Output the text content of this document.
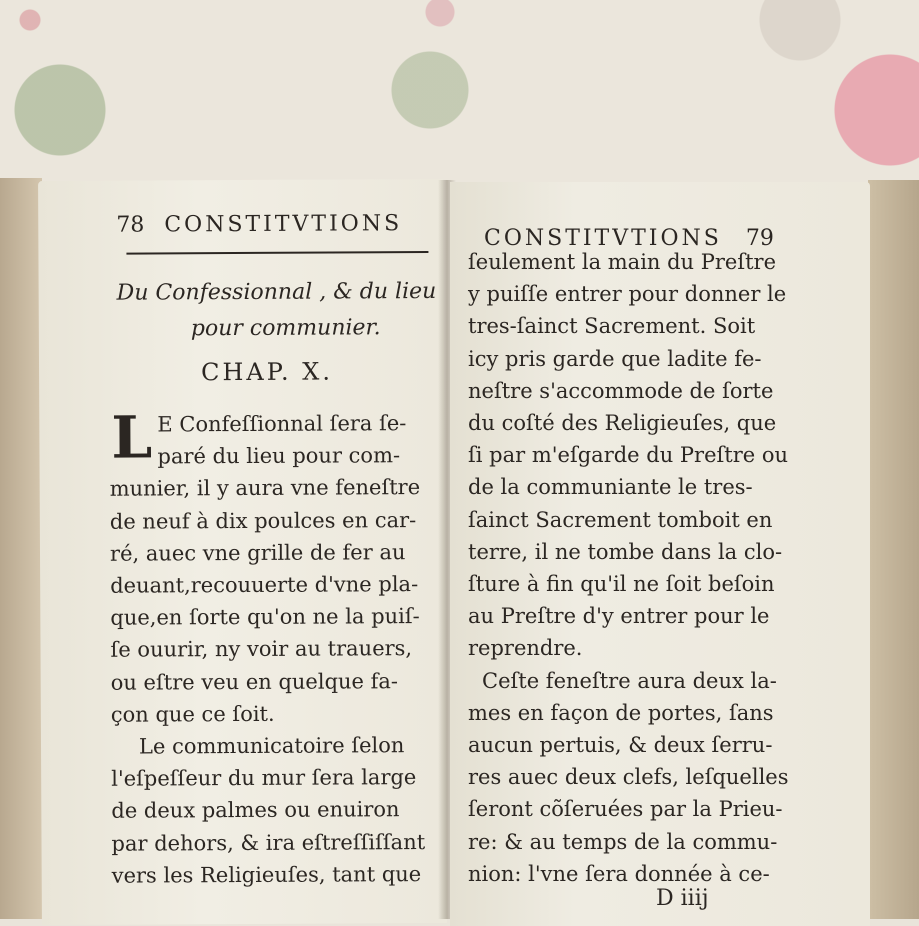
78 CONSTITVTIONS
Du Confessionnal , & du lieu
pour communier.
CHAP. X.
L E Confeſſionnal ſera ſe-
paré du lieu pour com-
munier, il y aura vne feneſtre
de neuf à dix poulces en car-
ré, auec vne grille de fer au
deuant,recouuerte d'vne pla-
que,en ſorte qu'on ne la puiſ-
ſe ouurir, ny voir au trauers,
ou eſtre veu en quelque fa-
çon que ce ſoit.
Le communicatoire ſelon
l'eſpeſſeur du mur ſera large
de deux palmes ou enuiron
par dehors, & ira eſtreſſiſſant
vers les Religieuſes, tant que
CONSTITVTIONS 79
ſeulement la main du Preſtre
y puiſſe entrer pour donner le
tres-ſainct Sacrement. Soit
icy pris garde que ladite fe-
neſtre s'accommode de ſorte
du coſté des Religieuſes, que
ſi par m'eſgarde du Preſtre ou
de la communiante le tres-
ſainct Sacrement tomboit en
terre, il ne tombe dans la clo-
ſture à fin qu'il ne ſoit beſoin
au Preſtre d'y entrer pour le
reprendre.
Ceſte feneſtre aura deux la-
mes en façon de portes, ſans
aucun pertuis, & deux ſerru-
res auec deux clefs, leſquelles
ſeront cõſeruées par la Prieu-
re: & au temps de la commu-
nion: l'vne ſera donnée à ce-
D iiij
